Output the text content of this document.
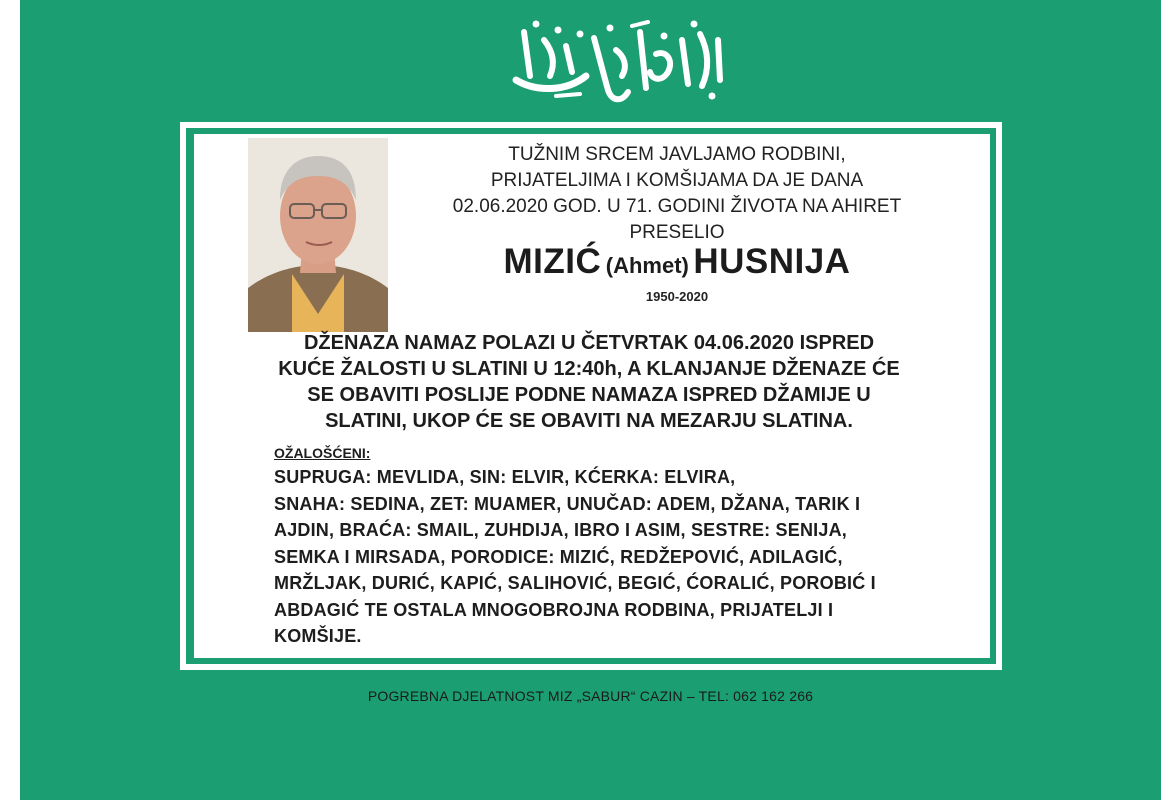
TUŽNIM SRCEM JAVLJAMO RODBINI,
PRIJATELJIMA I KOMŠIJAMA DA JE DANA
02.06.2020 GOD. U 71. GODINI ŽIVOTA NA AHIRET
PRESELIO
MIZIĆ (Ahmet) HUSNIJA
1950-2020
DŽENAZA NAMAZ POLAZI U ČETVRTAK 04.06.2020 ISPRED
KUĆE ŽALOSTI U SLATINI U 12:40h, A KLANJANJE DŽENAZE ĆE
SE OBAVITI POSLIJE PODNE NAMAZA ISPRED DŽAMIJE U
SLATINI, UKOP ĆE SE OBAVITI NA MEZARJU SLATINA.
OŽALOŠĆENI:
SUPRUGA: MEVLIDA, SIN: ELVIR, KĆERKA: ELVIRA,
SNAHA: SEDINA, ZET: MUAMER, UNUČAD: ADEM, DŽANA, TARIK I
AJDIN, BRAĆA: SMAIL, ZUHDIJA, IBRO I ASIM, SESTRE: SENIJA,
SEMKA I MIRSADA, PORODICE: MIZIĆ, REDŽEPOVIĆ, ADILAGIĆ,
MRŽLJAK, DURIĆ, KAPIĆ, SALIHOVIĆ, BEGIĆ, ĆORALIĆ, POROBIĆ I
ABDAGIĆ TE OSTALA MNOGOBROJNA RODBINA, PRIJATELJI I
KOMŠIJE.
POGREBNA DJELATNOST MIZ „SABUR“ CAZIN – TEL: 062 162 266
